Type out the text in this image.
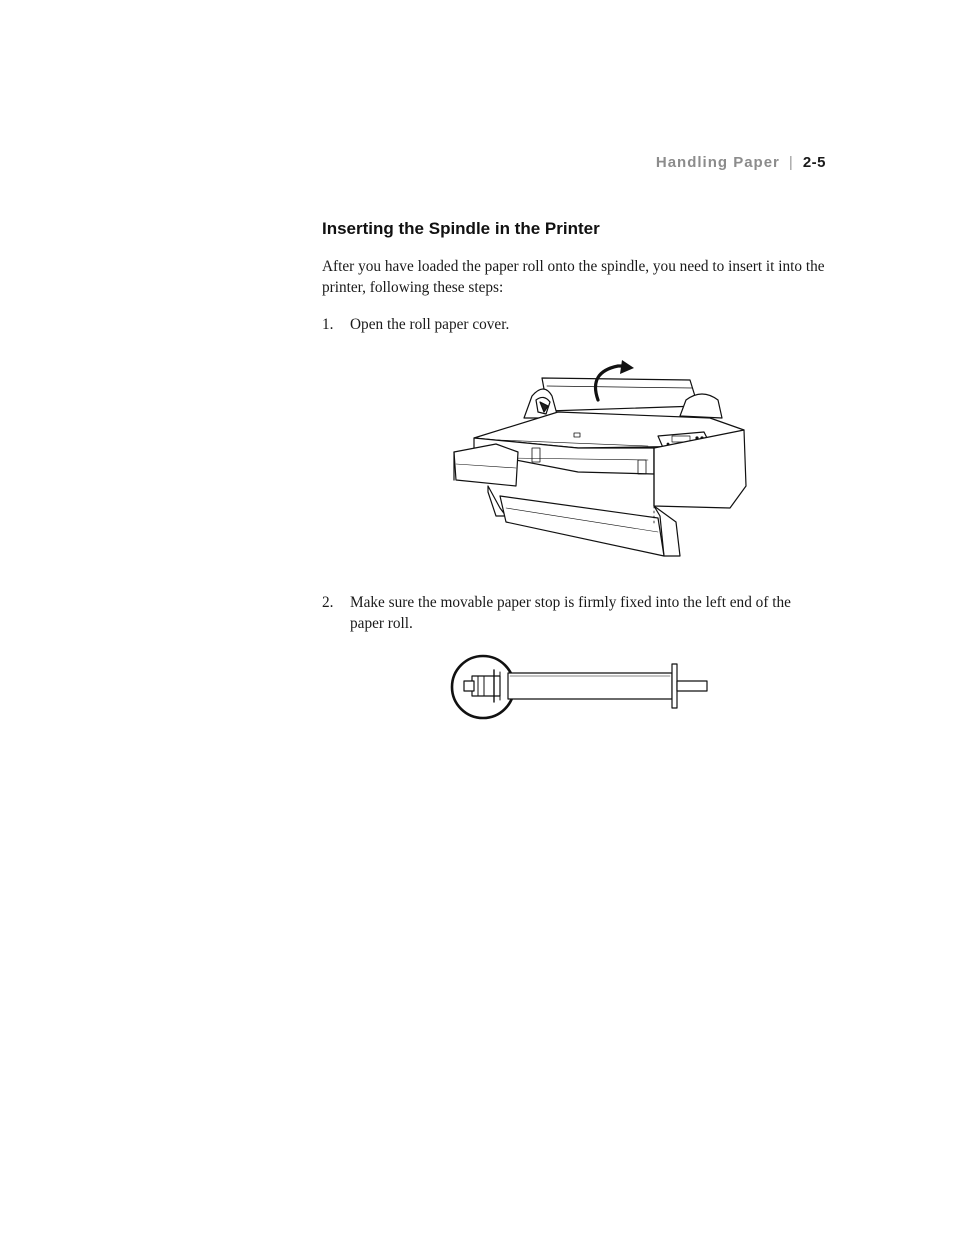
Handling Paper | 2-5
Inserting the Spindle in the Printer

After you have loaded the paper roll onto the spindle, you need to insert it into the printer, following these steps:

1. Open the roll paper cover.
2. Make sure the movable paper stop is firmly fixed into the left end of the paper roll.
